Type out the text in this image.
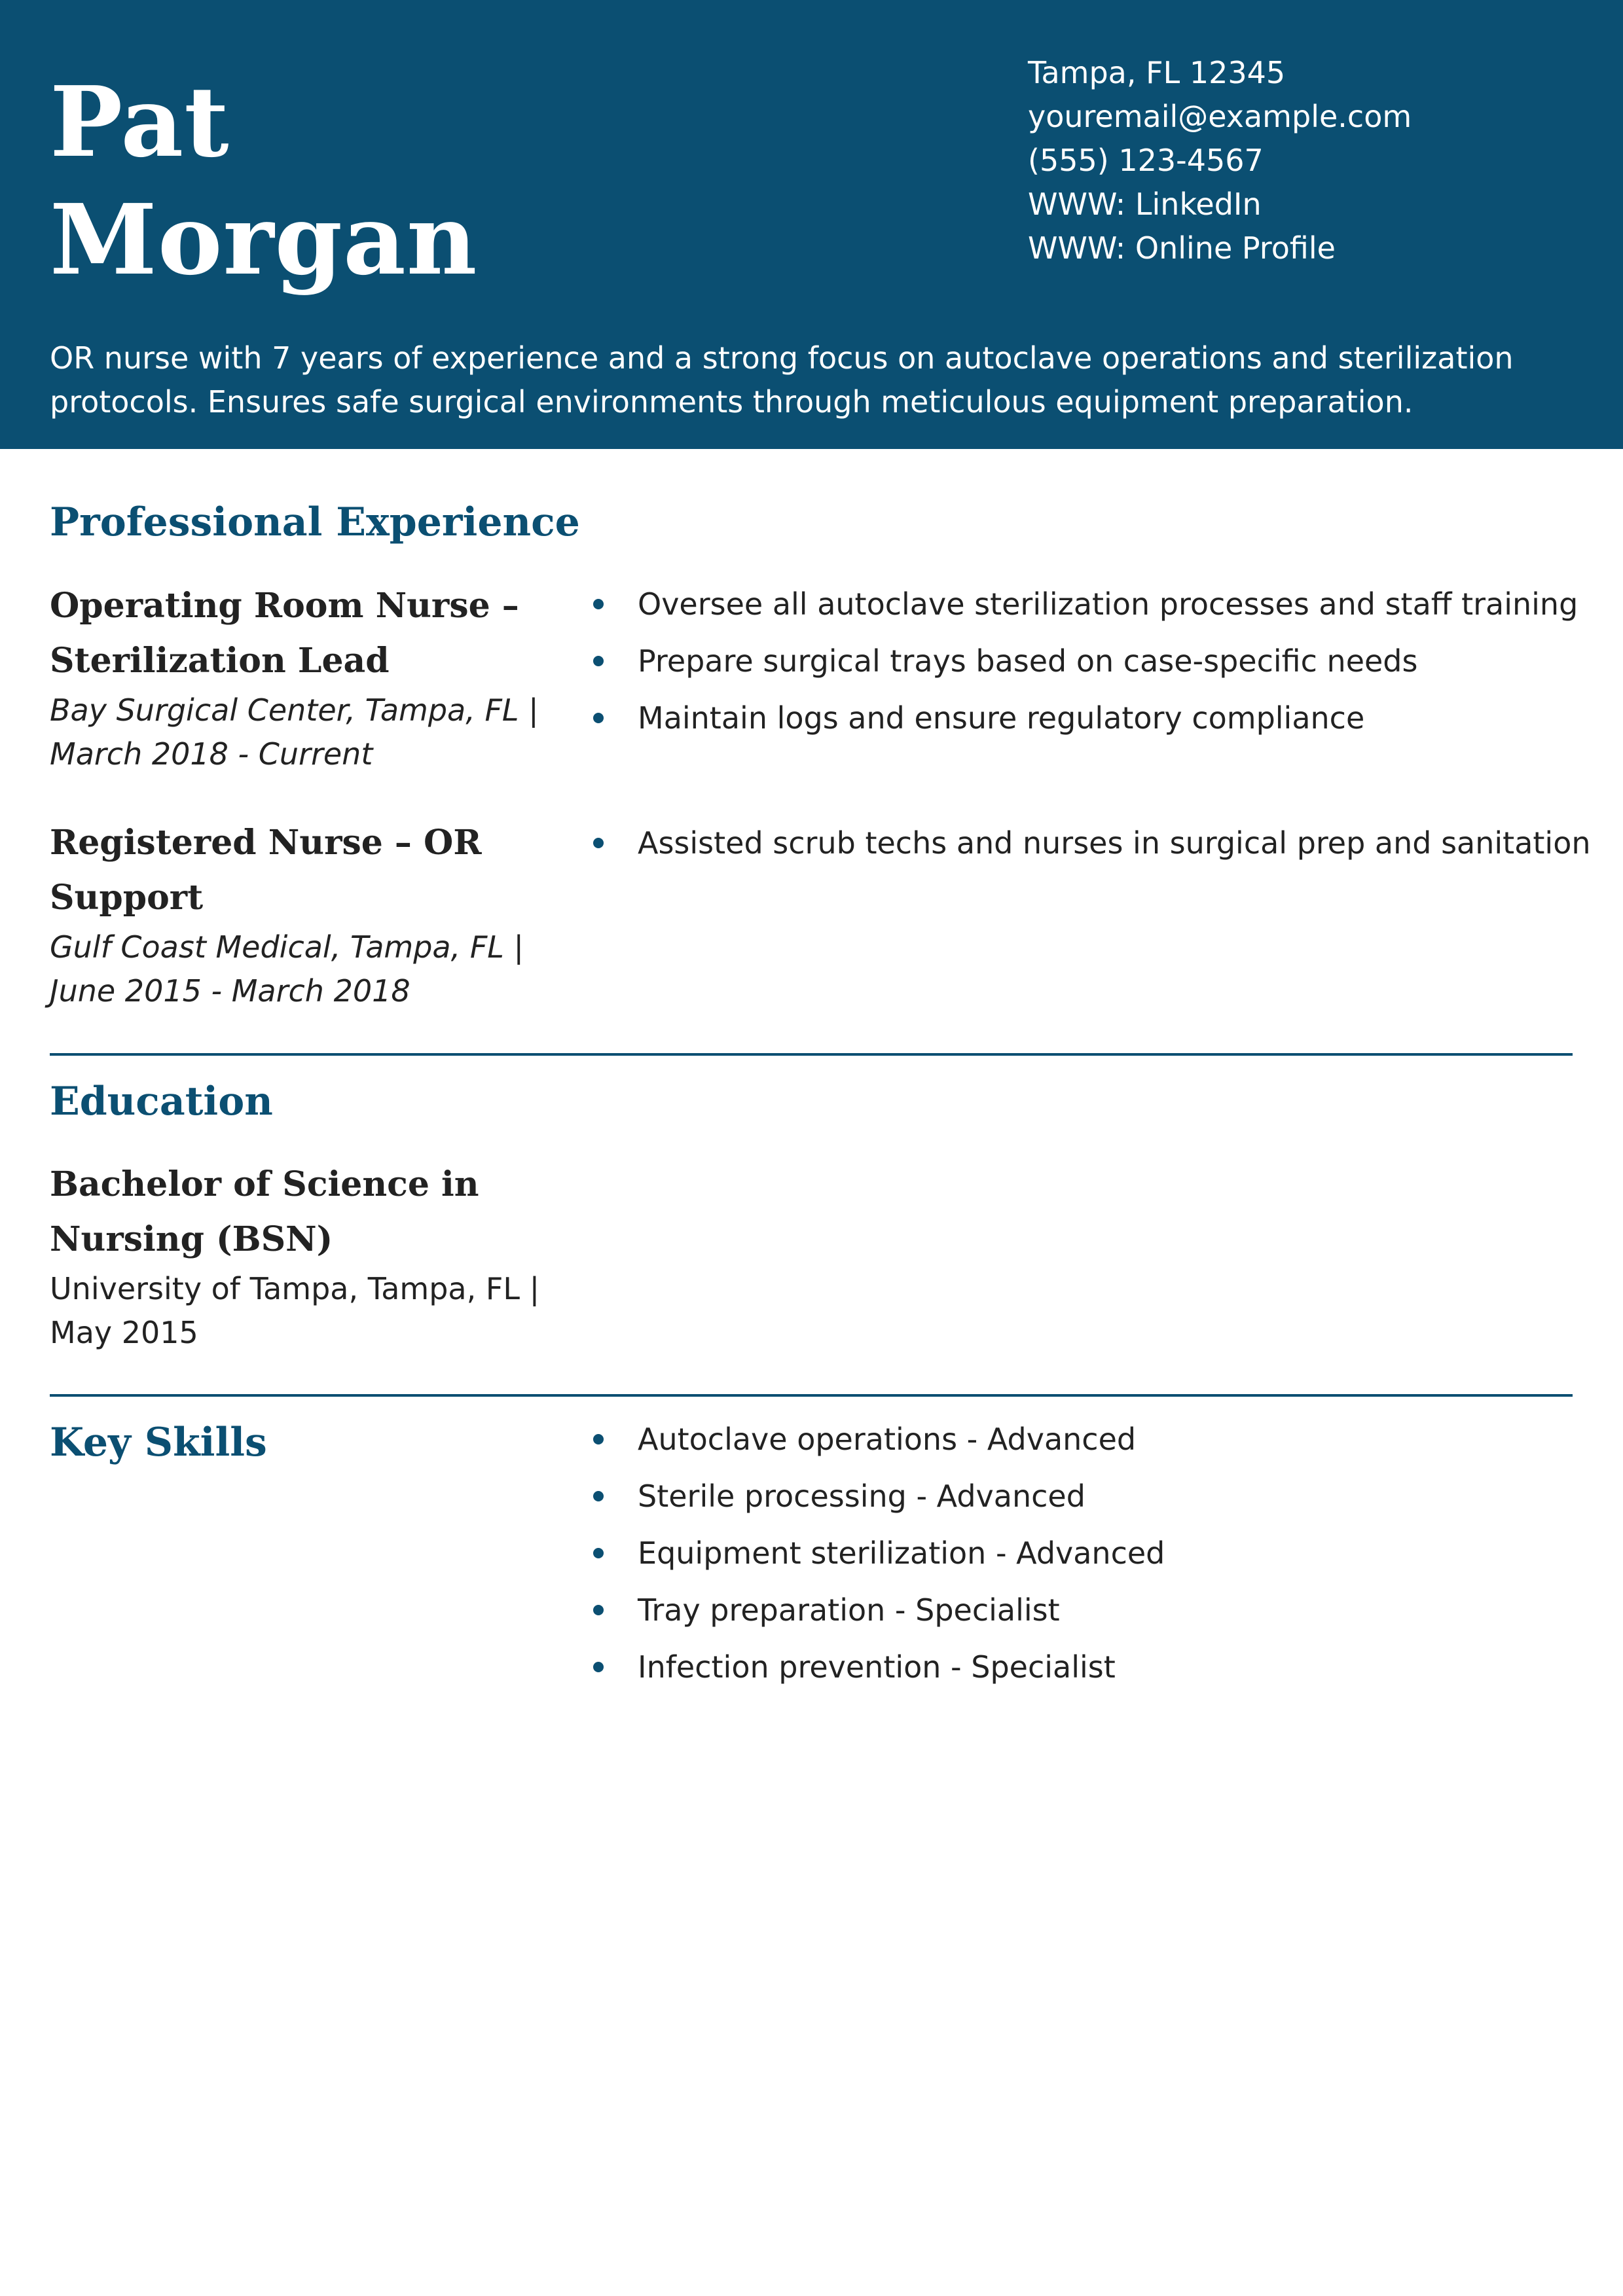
Pat
Morgan
Tampa, FL 12345
youremail@example.com
(555) 123-4567
WWW: LinkedIn
WWW: Online Profile
OR nurse with 7 years of experience and a strong focus on autoclave operations and sterilization protocols. Ensures safe surgical environments through meticulous equipment preparation.
Professional Experience
Operating Room Nurse – Sterilization Lead
Bay Surgical Center, Tampa, FL | March 2018 - Current
Oversee all autoclave sterilization processes and staff training
Prepare surgical trays based on case-specific needs
Maintain logs and ensure regulatory compliance
Registered Nurse – OR Support
Gulf Coast Medical, Tampa, FL | June 2015 - March 2018
Assisted scrub techs and nurses in surgical prep and sanitation
Education
Bachelor of Science in Nursing (BSN)
University of Tampa, Tampa, FL | May 2015
Key Skills	Autoclave operations - Advanced
Sterile processing - Advanced
Equipment sterilization - Advanced
Tray preparation - Specialist
Infection prevention - Specialist
